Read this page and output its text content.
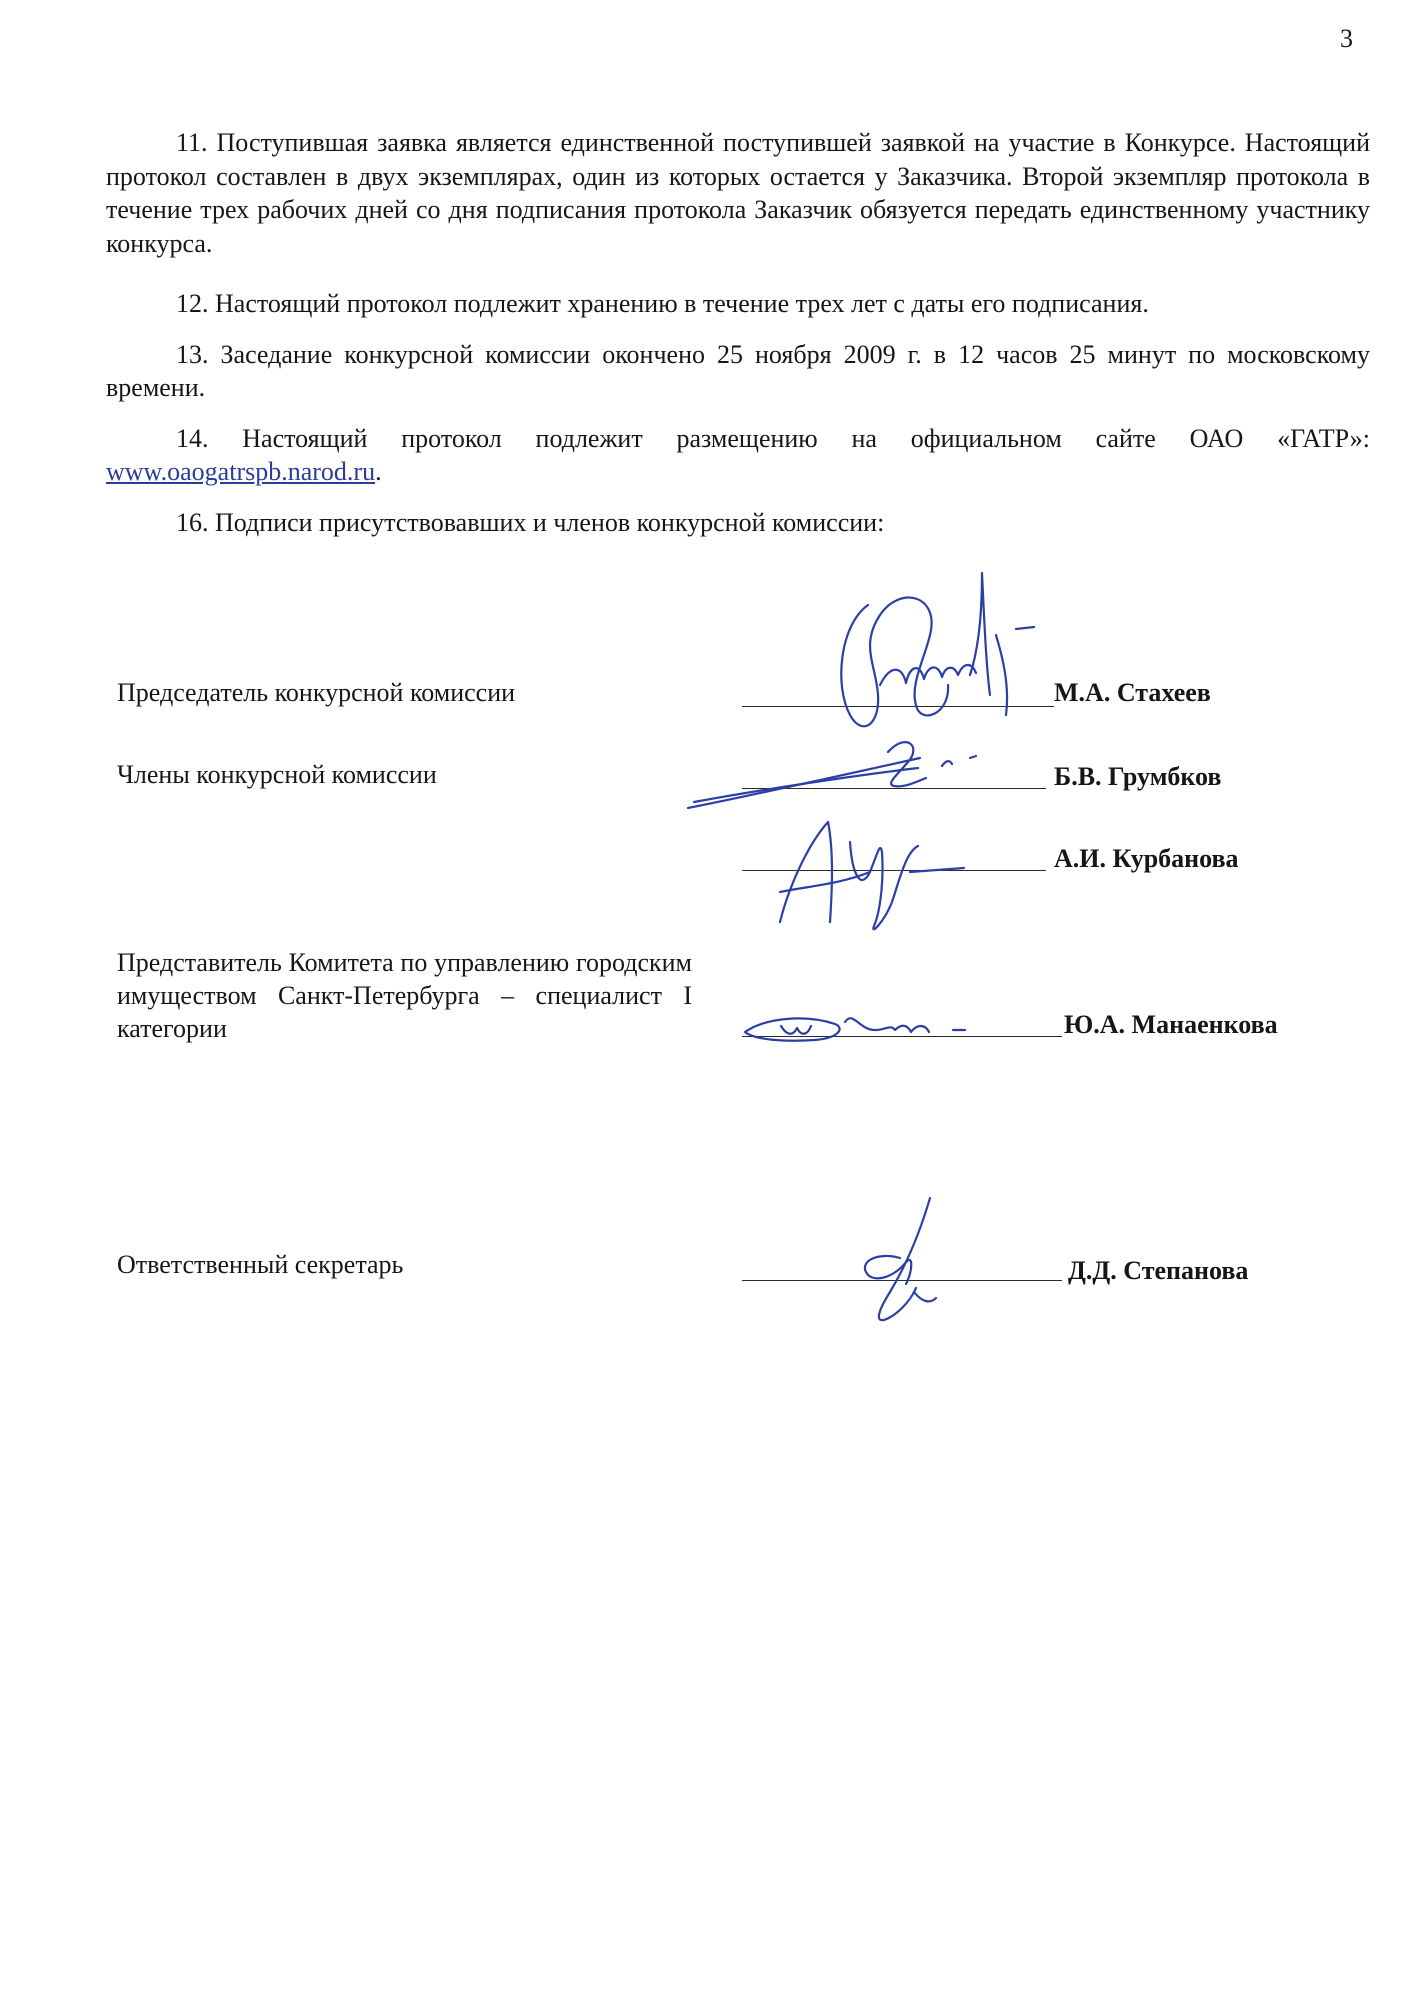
3

11. Поступившая заявка является единственной поступившей заявкой на участие в Конкурсе. Настоящий протокол составлен в двух экземплярах, один из которых остается у Заказчика. Второй экземпляр протокола в течение трех рабочих дней со дня подписания протокола Заказчик обязуется передать единственному участнику конкурса.

12. Настоящий протокол подлежит хранению в течение трех лет с даты его подписания.

13. Заседание конкурсной комиссии окончено 25 ноября 2009 г. в 12 часов 25 минут по московскому времени.

14. Настоящий протокол подлежит размещению на официальном сайте ОАО «ГАТР»: www.oaogatrspb.narod.ru.

16. Подписи присутствовавших и членов конкурсной комиссии:

Председатель конкурсной комиссии	М.А. Стахеев
Члены конкурсной комиссии	Б.В. Грумбков
А.И. Курбанова
Представитель Комитета по управлению городским имуществом Санкт-Петербурга – специалист I категории	Ю.А. Манаенкова
Ответственный секретарь	Д.Д. Степанова
